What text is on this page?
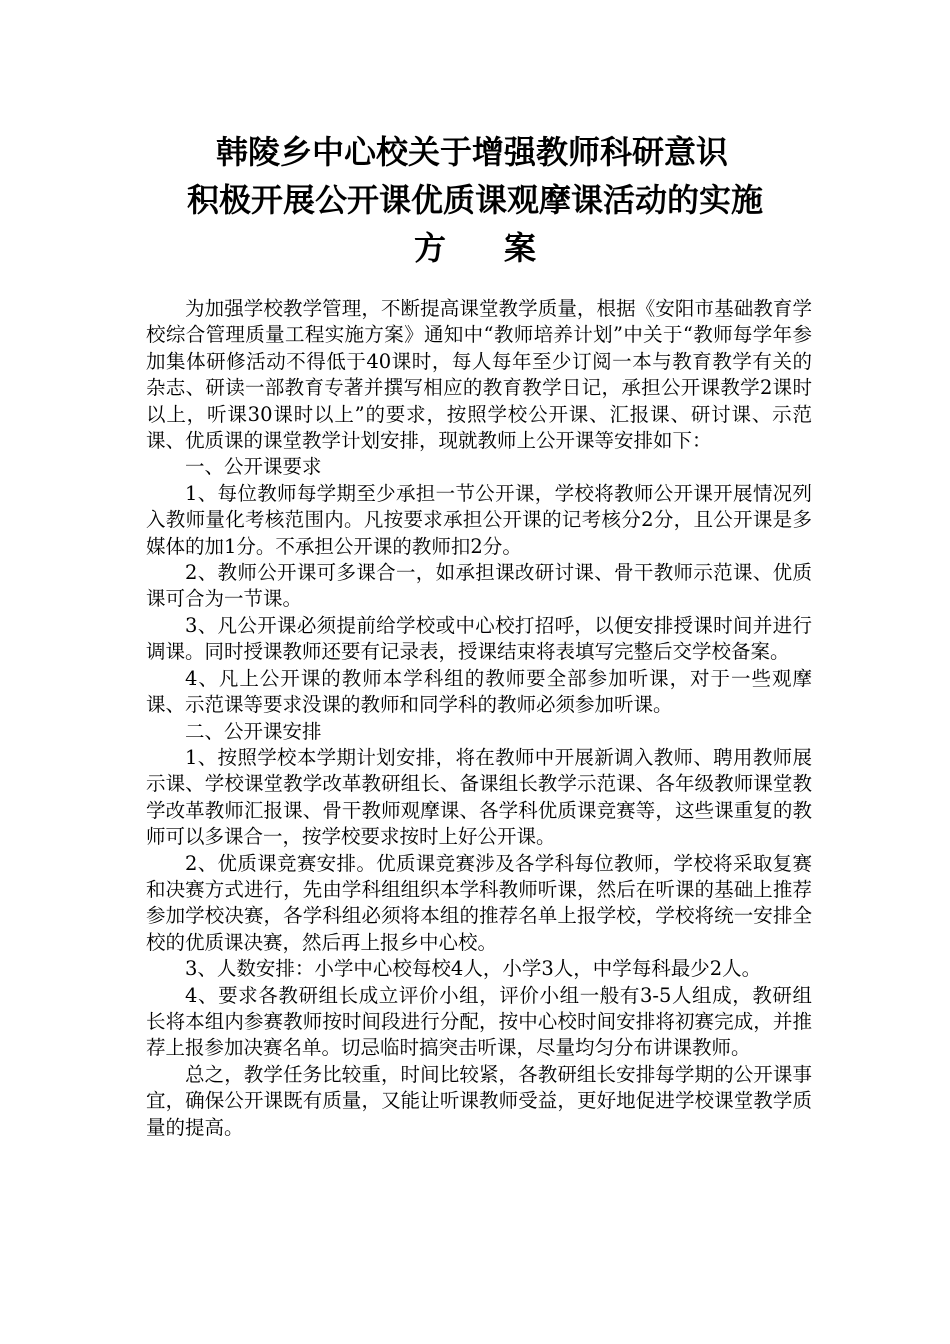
韩陵乡中心校关于增强教师科研意识
积极开展公开课优质课观摩课活动的实施
方案

为加强学校教学管理，不断提高课堂教学质量，根据《安阳市基础教育学校综合管理质量工程实施方案》通知中“教师培养计划”中关于“教师每学年参加集体研修活动不得低于40课时，每人每年至少订阅一本与教育教学有关的杂志、研读一部教育专著并撰写相应的教育教学日记，承担公开课教学2课时以上，听课30课时以上”的要求，按照学校公开课、汇报课、研讨课、示范课、优质课的课堂教学计划安排，现就教师上公开课等安排如下：

一、公开课要求

1、每位教师每学期至少承担一节公开课，学校将教师公开课开展情况列入教师量化考核范围内。凡按要求承担公开课的记考核分2分，且公开课是多媒体的加1分。不承担公开课的教师扣2分。

2、教师公开课可多课合一，如承担课改研讨课、骨干教师示范课、优质课可合为一节课。

3、凡公开课必须提前给学校或中心校打招呼，以便安排授课时间并进行调课。同时授课教师还要有记录表，授课结束将表填写完整后交学校备案。

4、凡上公开课的教师本学科组的教师要全部参加听课，对于一些观摩课、示范课等要求没课的教师和同学科的教师必须参加听课。

二、公开课安排

1、按照学校本学期计划安排，将在教师中开展新调入教师、聘用教师展示课、学校课堂教学改革教研组长、备课组长教学示范课、各年级教师课堂教学改革教师汇报课、骨干教师观摩课、各学科优质课竞赛等，这些课重复的教师可以多课合一，按学校要求按时上好公开课。

2、优质课竞赛安排。优质课竞赛涉及各学科每位教师，学校将采取复赛和决赛方式进行，先由学科组组织本学科教师听课，然后在听课的基础上推荐参加学校决赛，各学科组必须将本组的推荐名单上报学校，学校将统一安排全校的优质课决赛，然后再上报乡中心校。

3、人数安排：小学中心校每校4人，小学3人，中学每科最少2人。

4、要求各教研组长成立评价小组，评价小组一般有3-5人组成，教研组长将本组内参赛教师按时间段进行分配，按中心校时间安排将初赛完成，并推荐上报参加决赛名单。切忌临时搞突击听课，尽量均匀分布讲课教师。

总之，教学任务比较重，时间比较紧，各教研组长安排每学期的公开课事宜，确保公开课既有质量，又能让听课教师受益，更好地促进学校课堂教学质量的提高。
